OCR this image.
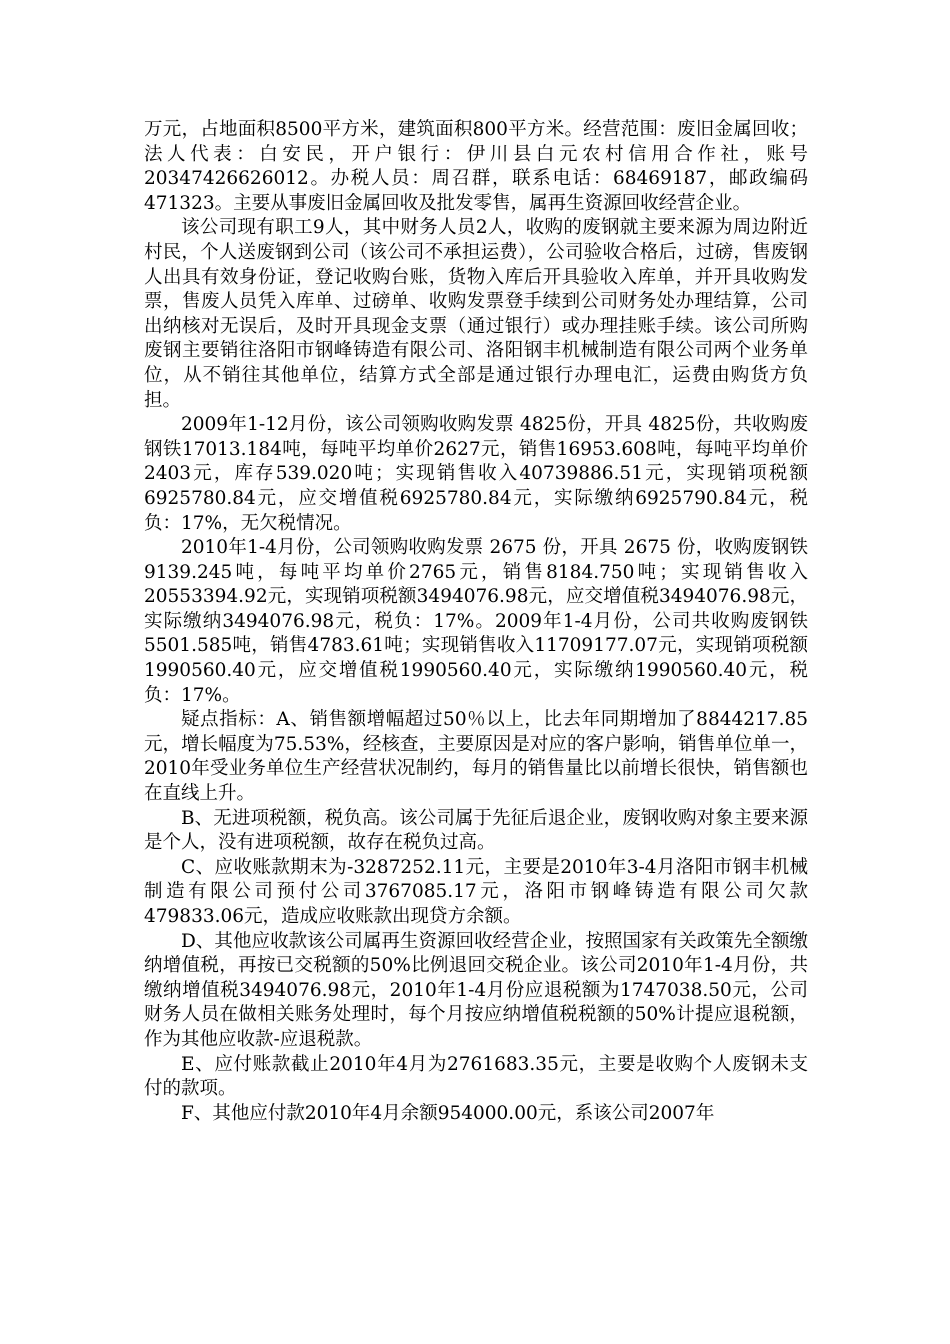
万元，占地面积8500平方米，建筑面积800平方米。经营范围：废旧金属回收；法人代表：白安民，开户银行：伊川县白元农村信用合作社，账号2034742662601​2。办税人员：周召群，联系电话：68469187，邮政编码471323。主要从事废旧金属回收及批发零售，属再生资源回收经营企业。

该公司现有职工9人，其中财务人员2人，收购的废钢就主要来源为周边附近村民，个人送废钢到公司（该公司不承担运费），公司验收合格后，过磅，售废钢人出具有效身份证，登记收购台账，货物入库后开具验收入库单，并开具收购发票，售废人员凭入库单、过磅单、收购发票登手续到公司财务处办理结算，公司出纳核对无误后，及时开具现金支票（通过银行）或办理挂账手续。该公司所购废钢主要销往洛阳市钢峰铸造有限公司、洛阳钢丰机械制造有限公司两个业务单位，从不销往其他单位，结算方式全部是通过银行办理电汇，运费由购货方负担。

2009年1-12月份，该公司领购收购发票 4825份，开具 4825份，共收购废钢铁17013.184吨，每吨平均单价2627元，销售16953.608吨，每吨平均单价2403元，库存539.020吨；实现销售收入40739886.51元，实现销项税额6925780.84元，应交增值税6925780.84元，实际缴纳6925790.84元，税负：17%，无欠税情况。

2010年1-4月份，公司领购收购发票 2675 份，开具 2675 份，收购废钢铁9139.245吨，每吨平均单价2765元，销售8184.750吨；实现销售收入20553394.92元，实现销项税额3494076.98元，应交增值税3494076.98元，实际缴纳3494076.98元，税负：17%。2009年1-4月份，公司共收购废钢铁5501.585吨，销售4783.61吨；实现销售收入11709177.07元，实现销项税额1990560.40元，应交增值税1990560.40元，实际缴纳1990560.40元，税负：17%。

疑点指标：A、销售额增幅超过50％以上，比去年同期增加了8844217.85元，增长幅度为75.53%，经核查，主要原因是对应的客户影响，销售单位单一，2010年受业务单位生产经营状况制约，每月的销售量比以前增长很快，销售额也在直线上升。

B、无进项税额，税负高。该公司属于先征后退企业，废钢收购对象主要来源是个人，没有进项税额，故存在税负过高。

C、应收账款期末为-3287252.11元，主要是2010年3-4月洛阳市钢丰机械制造有限公司预付公司3767085.17元，洛阳市钢峰铸造有限公司欠款479833.06元，造成应收账款出现贷方余额。

D、其他应收款该公司属再生资源回收经营企业，按照国家有关政策先全额缴纳增值税，再按已交税额的50%比例退回交税企业。该公司2010年1-4月份，共缴纳增值税3494076.98元，2010年1-4月份应退税额为1747038.50元，公司财务人员在做相关账务处理时，每个月按应纳增值税税额的50%计提应退税额，作为其他应收款-应退税款。

E、应付账款截止2010年4月为2761683.35元，主要是收购个人废钢未支付的款项。

F、其他应付款2010年4月余额954000.00元，系该公司2007年
